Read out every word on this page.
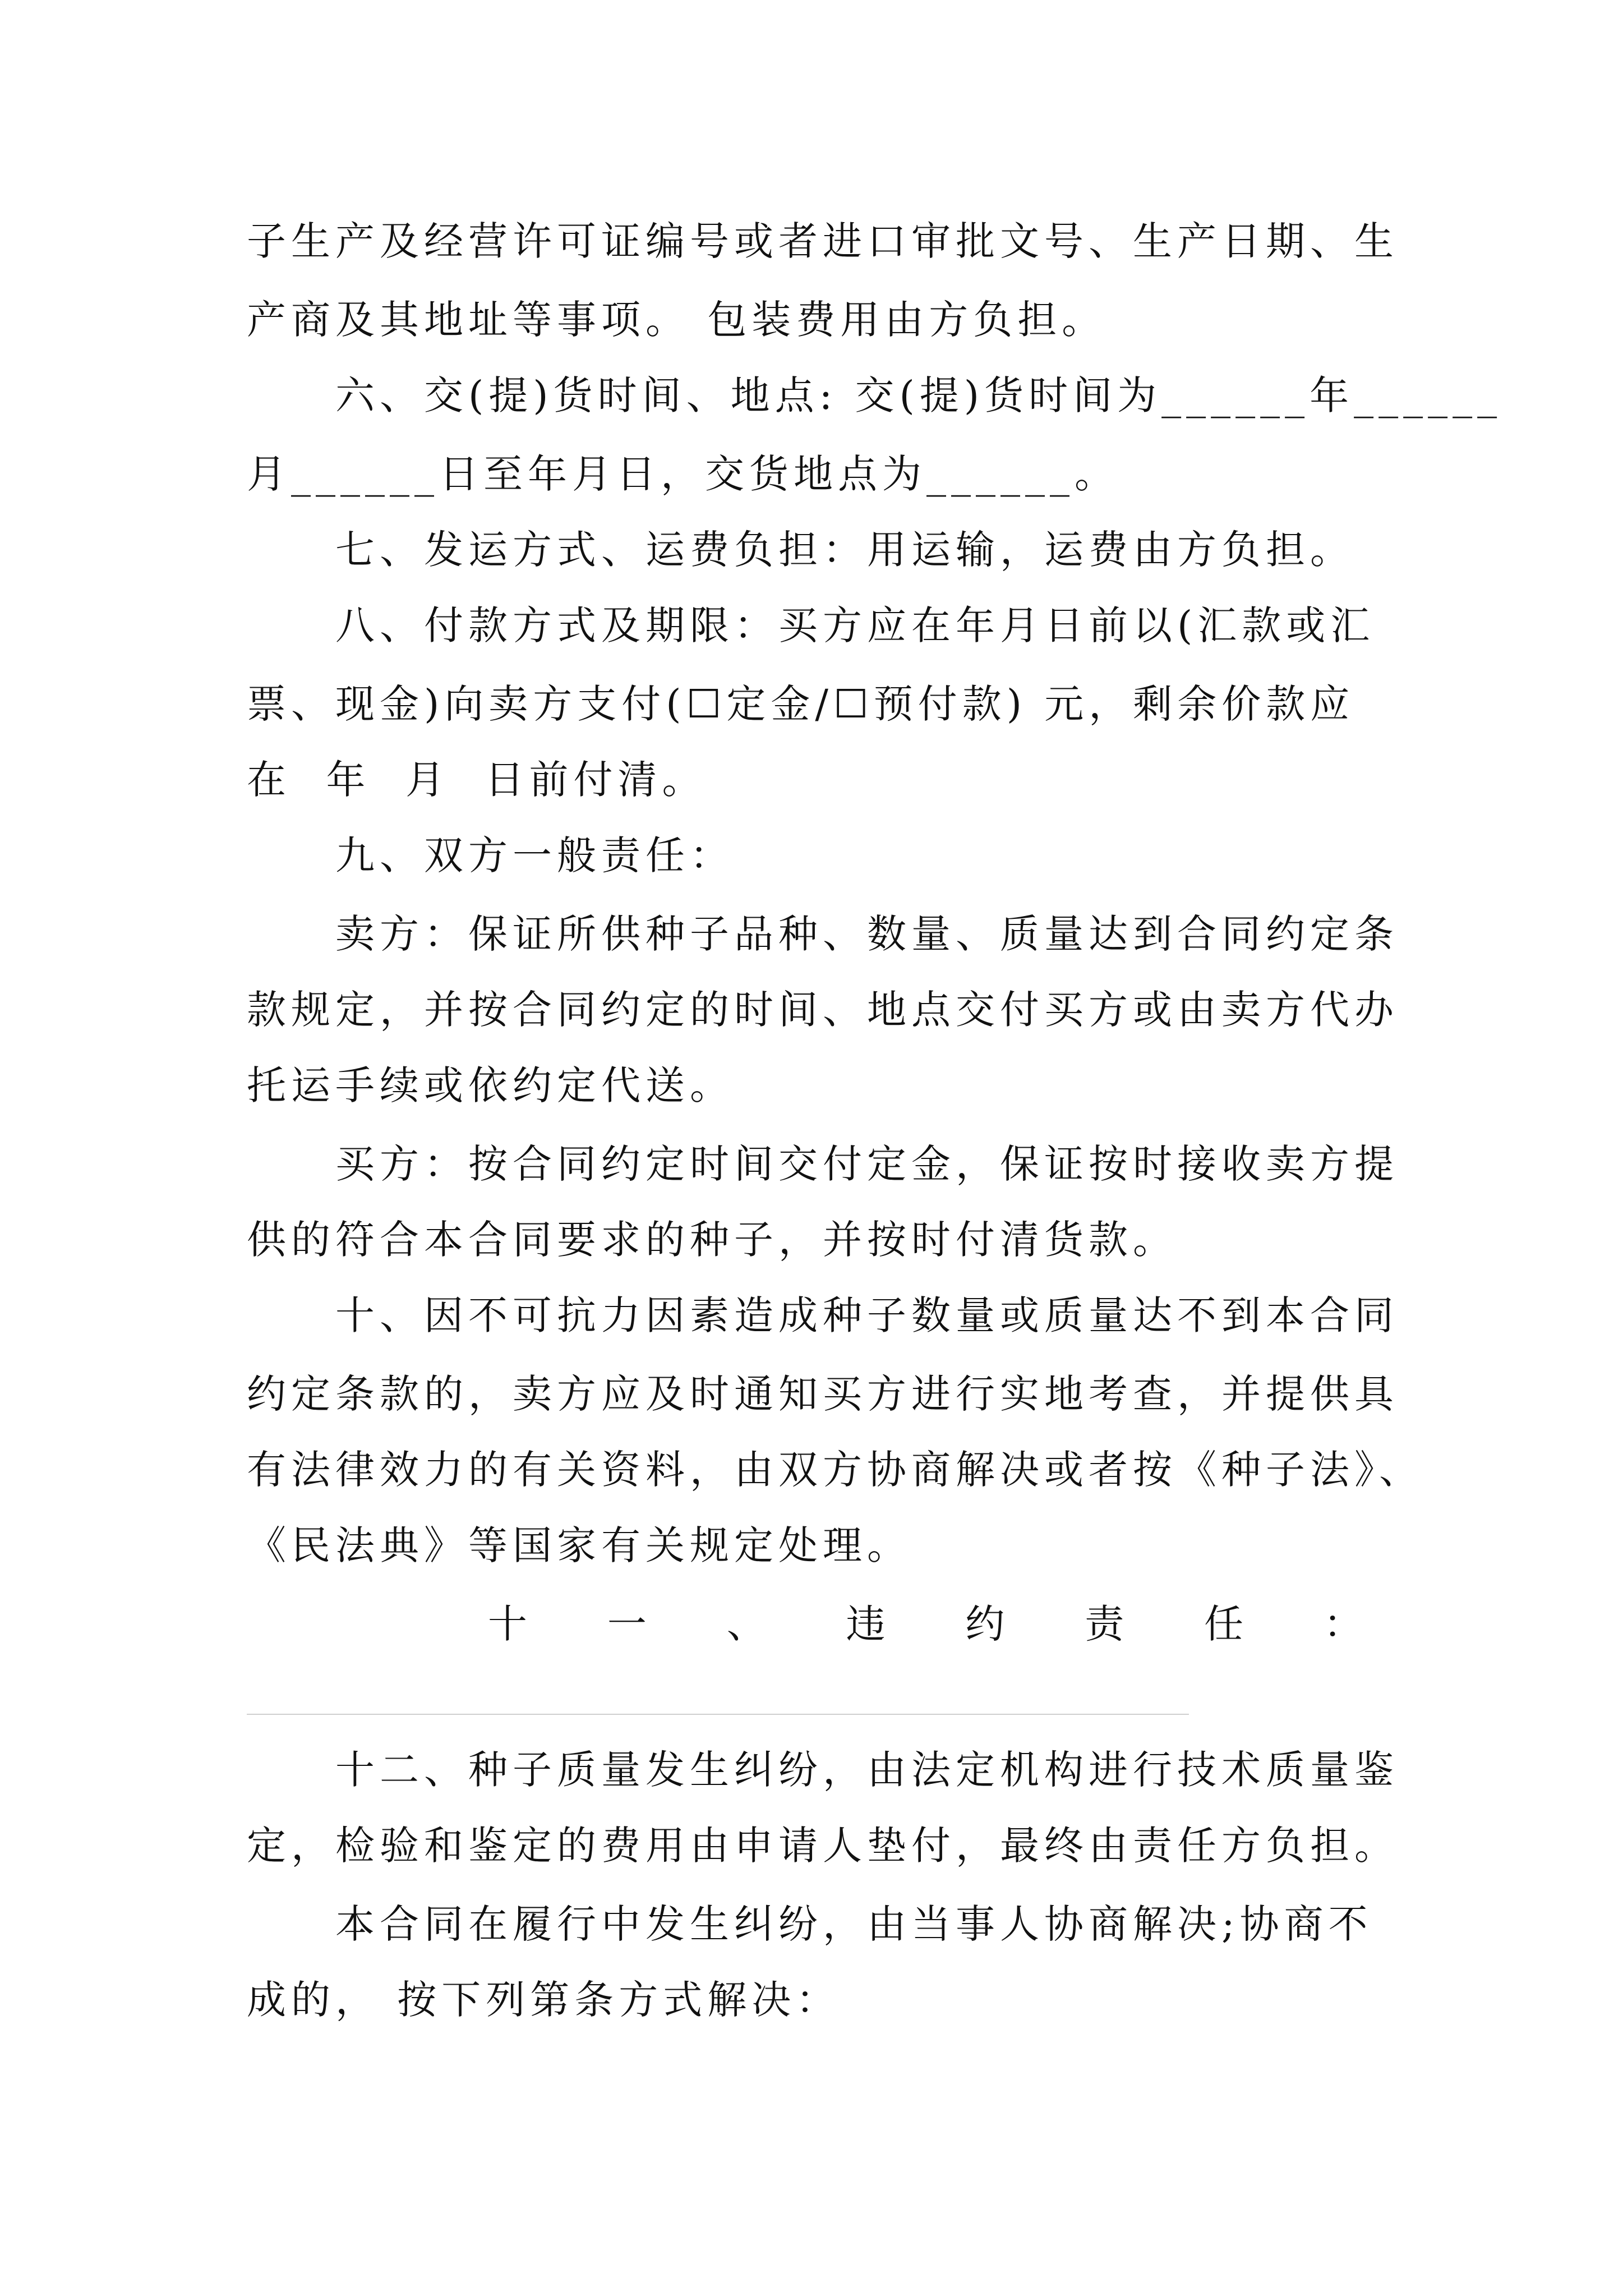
子生产及经营许可证编号或者进口审批文号、生产日期、生
产商及其地址等事项。 包装费用由方负担。
六、交(提)货时间、地点: 交(提)货时间为______年______
月______日至年月日，交货地点为______。
七、发运方式、运费负担：用运输，运费由方负担。
八、付款方式及期限：买方应在年月日前以(汇款或汇
票、现金)向卖方支付(☐定金/☐预付款) 元，剩余价款应
在  年  月  日前付清。
九、双方一般责任：
卖方：保证所供种子品种、数量、质量达到合同约定条
款规定，并按合同约定的时间、地点交付买方或由卖方代办
托运手续或依约定代送。
买方：按合同约定时间交付定金，保证按时接收卖方提
供的符合本合同要求的种子，并按时付清货款。
十、因不可抗力因素造成种子数量或质量达不到本合同
约定条款的，卖方应及时通知买方进行实地考查，并提供具
有法律效力的有关资料，由双方协商解决或者按《种子法》、
《民法典》等国家有关规定处理。
十 一 、 违 约 责 任 ：
十二、种子质量发生纠纷，由法定机构进行技术质量鉴
定，检验和鉴定的费用由申请人垫付，最终由责任方负担。
本合同在履行中发生纠纷，由当事人协商解决;协商不
成的， 按下列第条方式解决：
